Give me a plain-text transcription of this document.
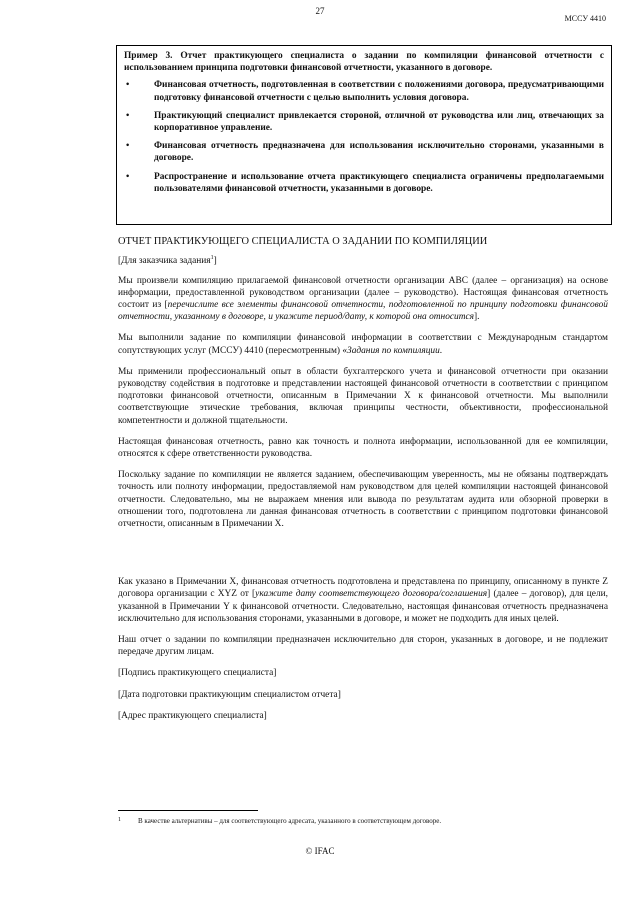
27
МССУ 4410

Пример 3. Отчет практикующего специалиста о задании по компиляции финансовой отчетности с использованием принципа подготовки финансовой отчетности, указанного в договоре.

•	Финансовая отчетность, подготовленная в соответствии с положениями договора, предусматривающими подготовку финансовой отчетности с целью выполнить условия договора.
•	Практикующий специалист привлекается стороной, отличной от руководства или лиц, отвечающих за корпоративное управление.
•	Финансовая отчетность предназначена для использования исключительно сторонами, указанными в договоре.
•	Распространение и использование отчета практикующего специалиста ограничены предполагаемыми пользователями финансовой отчетности, указанными в договоре.

ОТЧЕТ ПРАКТИКУЮЩЕГО СПЕЦИАЛИСТА О ЗАДАНИИ ПО КОМПИЛЯЦИИ

[Для заказчика задания$^1$]

Мы произвели компиляцию прилагаемой финансовой отчетности организации ABC (далее – организация) на основе информации, предоставленной руководством организации (далее – руководство). Настоящая финансовая отчетность состоит из [перечислите все элементы финансовой отчетности, подготовленной по принципу подготовки финансовой отчетности, указанному в договоре, и укажите период/дату, к которой она относится].

Мы выполнили задание по компиляции финансовой информации в соответствии с Международным стандартом сопутствующих услуг (МССУ) 4410 (пересмотренным) «Задания по компиляции.

Мы применили профессиональный опыт в области бухгалтерского учета и финансовой отчетности при оказании руководству содействия в подготовке и представлении настоящей финансовой отчетности в соответствии с принципом подготовки финансовой отчетности, описанным в Примечании X к финансовой отчетности. Мы выполнили соответствующие этические требования, включая принципы честности, объективности, профессиональной компетентности и должной тщательности.

Настоящая финансовая отчетность, равно как точность и полнота информации, использованной для ее компиляции, относятся к сфере ответственности руководства.

Поскольку задание по компиляции не является заданием, обеспечивающим уверенность, мы не обязаны подтверждать точность или полноту информации, предоставляемой нам руководством для целей компиляции настоящей финансовой отчетности. Следовательно, мы не выражаем мнения или вывода по результатам аудита или обзорной проверки в отношении того, подготовлена ли данная финансовая отчетность в соответствии с принципом подготовки финансовой отчетности, описанным в Примечании X.

Как указано в Примечании X, финансовая отчетность подготовлена и представлена по принципу, описанному в пункте Z договора организации с XYZ от [укажите дату соответствующего договора/соглашения] (далее – договор), для цели, указанной в Примечании Y к финансовой отчетности. Следовательно, настоящая финансовая отчетность предназначена исключительно для использования сторонами, указанными в договоре, и может не подходить для иных целей.

Наш отчет о задании по компиляции предназначен исключительно для сторон, указанных в договоре, и не подлежит передаче другим лицам.

[Подпись практикующего специалиста]

[Дата подготовки практикующим специалистом отчета]

[Адрес практикующего специалиста]

1	В качестве альтернативы – для соответствующего адресата, указанного в соответствующем договоре.
© IFAC
